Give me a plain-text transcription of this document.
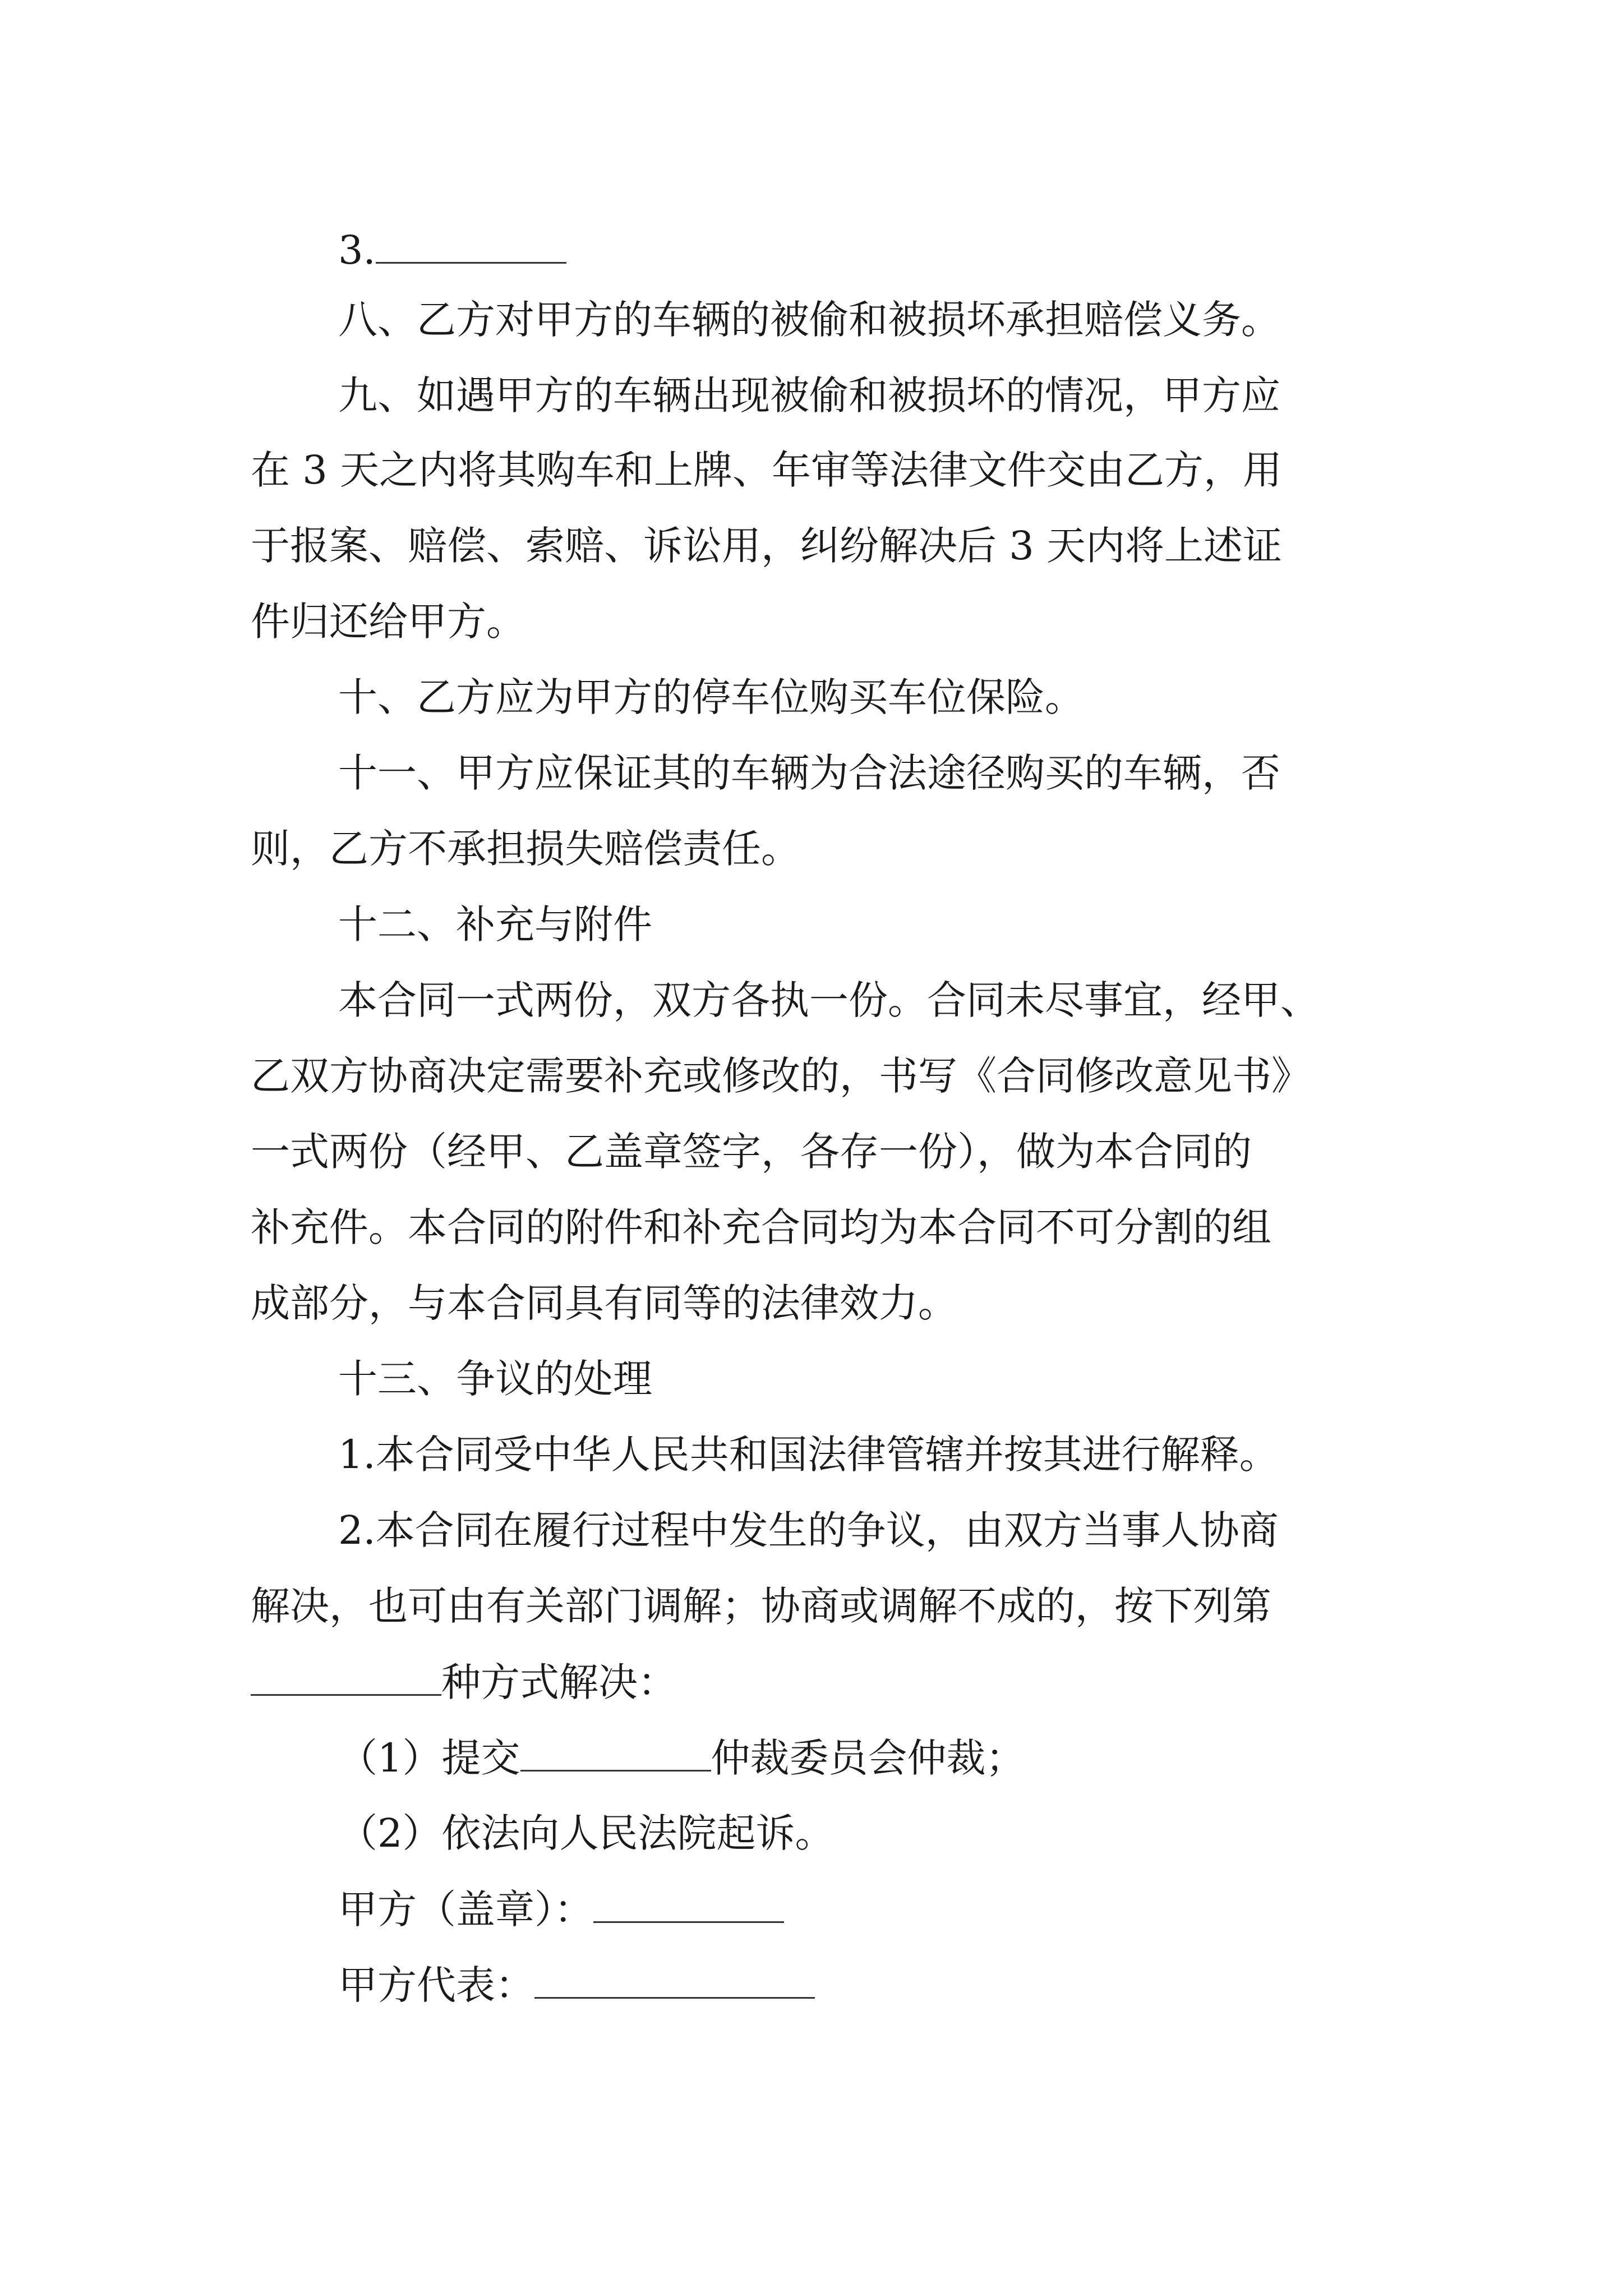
3.
八、乙方对甲方的车辆的被偷和被损坏承担赔偿义务。
九、如遇甲方的车辆出现被偷和被损坏的情况，甲方应
在 3 天之内将其购车和上牌、年审等法律文件交由乙方，用
于报案、赔偿、索赔、诉讼用，纠纷解决后 3 天内将上述证
件归还给甲方。
十、乙方应为甲方的停车位购买车位保险。
十一、甲方应保证其的车辆为合法途径购买的车辆，否
则，乙方不承担损失赔偿责任。
十二、补充与附件
本合同一式两份，双方各执一份。合同未尽事宜，经甲、
乙双方协商决定需要补充或修改的，书写《合同修改意见书》
一式两份（经甲、乙盖章签字，各存一份），做为本合同的
补充件。本合同的附件和补充合同均为本合同不可分割的组
成部分，与本合同具有同等的法律效力。
十三、争议的处理
1.本合同受中华人民共和国法律管辖并按其进行解释。
2.本合同在履行过程中发生的争议，由双方当事人协商
解决，也可由有关部门调解；协商或调解不成的，按下列第
种方式解决：
（1）提交	仲裁委员会仲裁；
（2）依法向人民法院起诉。
甲方（盖章）：
甲方代表：
